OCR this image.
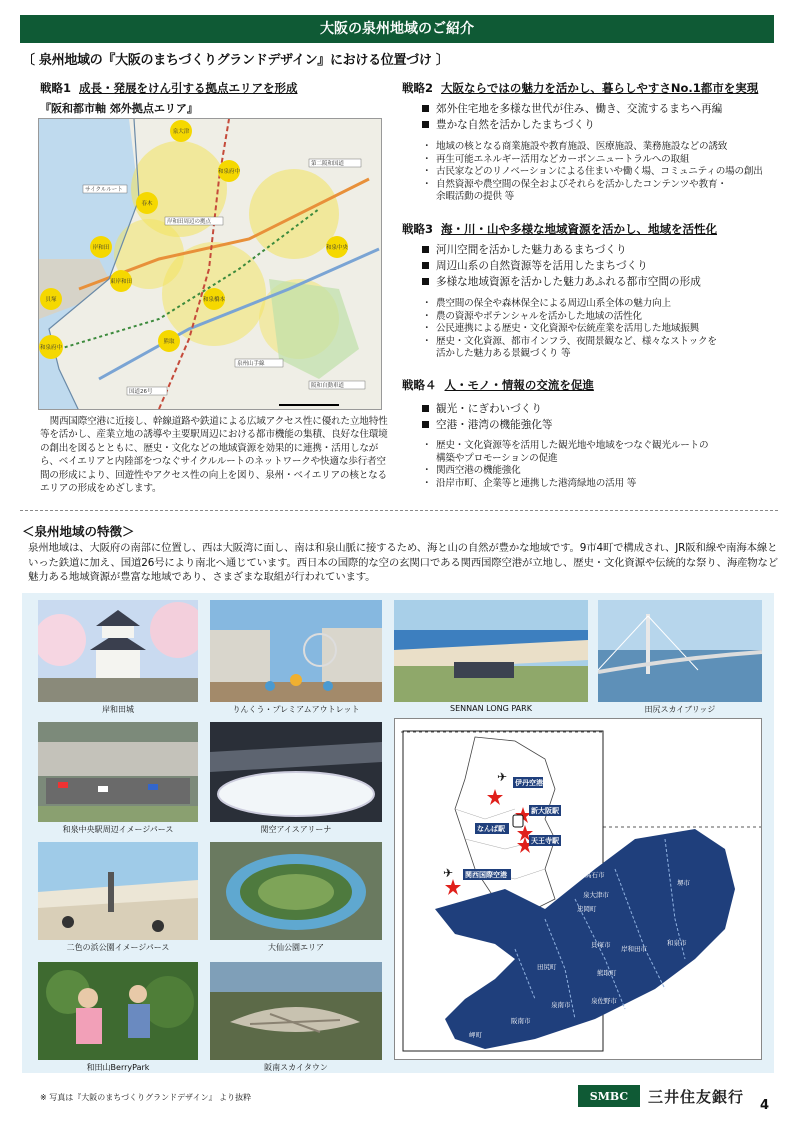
大阪の泉州地域のご紹介
〔 泉州地域の『大阪のまちづくりグランドデザイン』における位置づけ 〕
戦略1 成長・発展をけん引する拠点エリアを形成
『阪和都市軸 郊外拠点エリア』
泉大津
和泉府中
岸和田
春木
東岸和田
和泉中央
貝塚	和泉橋本
熊取
和泉府中
サイクルルート
岸和田周辺の拠点
国道26号
泉州山手線
阪和自動車道
第二阪和国道
関西国際空港に近接し、幹線道路や鉄道による広域アクセス性に優れた立地特性等を活かし、産業立地の誘導や主要駅周辺における都市機能の集積、良好な住環境の創出を図るとともに、歴史・文化などの地域資源を効果的に連携・活用しながら、ベイエリアと内陸部をつなぐサイクルルートのネットワークや快適な歩行者空間の形成により、回遊性やアクセス性の向上を図り、泉州・ベイエリアの核となるエリアの形成をめざします。
戦略2 大阪ならではの魅力を活かし、暮らしやすさNo.1都市を実現
郊外住宅地を多様な世代が住み、働き、交流するまちへ再編
豊かな自然を活かしたまちづくり
・ 地域の核となる商業施設や教育施設、医療施設、業務施設などの誘致
・ 再生可能エネルギー活用などカーボンニュートラルへの取組
・ 古民家などのリノベーションによる住まいや働く場、コミュニティの場の創出
・ 自然資源や農空間の保全およびそれらを活かしたコンテンツや教育・
余暇活動の提供 等
戦略3 海・川・山や多様な地域資源を活かし、地域を活性化
河川空間を活かした魅力あるまちづくり
周辺山系の自然資源等を活用したまちづくり
多様な地域資源を活かした魅力あふれる都市空間の形成
・ 農空間の保全や森林保全による周辺山系全体の魅力向上
・ 農の資源やポテンシャルを活かした地域の活性化
・ 公民連携による歴史・文化資源や伝統産業を活用した地域振興
・ 歴史・文化資源、都市インフラ、夜間景観など、様々なストックを
活かした魅力ある景観づくり 等
戦略４ 人・モノ・情報の交流を促進
観光・にぎわいづくり
空港・港湾の機能強化等
・ 歴史・文化資源等を活用した観光地や地域をつなぐ観光ルートの
構築やプロモーションの促進
・ 関西空港の機能強化
・ 沿岸市町、企業等と連携した港湾緑地の活用 等
＜泉州地域の特徴＞
泉州地域は、大阪府の南部に位置し、西は大阪湾に面し、南は和泉山脈に接するため、海と山の自然が豊かな地域です。9市4町で構成され、JR阪和線や南海本線といった鉄道に加え、国道26号により南北へ通じています。西日本の国際的な空の玄関口である関西国際空港が立地し、歴史・文化資源や伝統的な祭り、海産物など魅力ある地域資源が豊富な地域であり、さまざまな取組が行われています。
岸和田城	りんくう・プレミアムアウトレット	SENNAN LONG PARK	田尻スカイブリッジ
和泉中央駅周辺イメージパース	関空アイスアリーナ
二色の浜公園イメージパース	大仙公園エリア
和田山BerryPark	阪南スカイタウン
✈
✈
伊丹空港
新大阪駅
なんば駅
天王寺駅
関西国際空港	高石市
泉大津市
忠岡町
堺市
和泉市
岸和田市
貝塚市
熊取町
泉佐野市
田尻町
泉南市
阪南市
岬町
※ 写真は『大阪のまちづくりグランドデザイン』 より抜粋	SMBC	三井住友銀行 4
